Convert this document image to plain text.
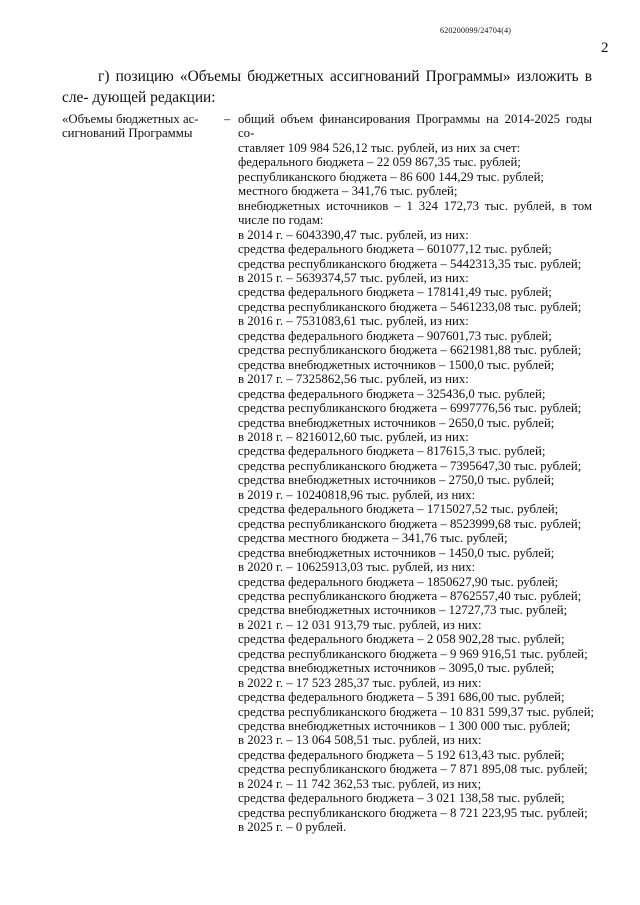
620200099/24704(4)
2
г) позицию «Объемы бюджетных ассигнований Программы» изложить в сле- дующей редакции:
«Объемы бюджетных ас-
сигнований Программы
– общий объем финансирования Программы на 2014-2025 годы со-
ставляет 109 984 526,12 тыс. рублей, из них за счет:
федерального бюджета – 22 059 867,35 тыс. рублей;
республиканского бюджета – 86 600 144,29 тыс. рублей;
местного бюджета – 341,76 тыс. рублей;
внебюджетных источников – 1 324 172,73 тыс. рублей, в том
числе по годам:
в 2014 г. – 6043390,47 тыс. рублей, из них:
средства федерального бюджета – 601077,12 тыс. рублей;
средства республиканского бюджета – 5442313,35 тыс. рублей;
в 2015 г. – 5639374,57 тыс. рублей, из них:
средства федерального бюджета – 178141,49 тыс. рублей;
средства республиканского бюджета – 5461233,08 тыс. рублей;
в 2016 г. – 7531083,61 тыс. рублей, из них:
средства федерального бюджета – 907601,73 тыс. рублей;
средства республиканского бюджета – 6621981,88 тыс. рублей;
средства внебюджетных источников – 1500,0 тыс. рублей;
в 2017 г. – 7325862,56 тыс. рублей, из них:
средства федерального бюджета – 325436,0 тыс. рублей;
средства республиканского бюджета – 6997776,56 тыс. рублей;
средства внебюджетных источников – 2650,0 тыс. рублей;
в 2018 г. – 8216012,60 тыс. рублей, из них:
средства федерального бюджета – 817615,3 тыс. рублей;
средства республиканского бюджета – 7395647,30 тыс. рублей;
средства внебюджетных источников – 2750,0 тыс. рублей;
в 2019 г. – 10240818,96 тыс. рублей, из них:
средства федерального бюджета – 1715027,52 тыс. рублей;
средства республиканского бюджета – 8523999,68 тыс. рублей;
средства местного бюджета – 341,76 тыс. рублей;
средства внебюджетных источников – 1450,0 тыс. рублей;
в 2020 г. – 10625913,03 тыс. рублей, из них:
средства федерального бюджета – 1850627,90 тыс. рублей;
средства республиканского бюджета – 8762557,40 тыс. рублей;
средства внебюджетных источников – 12727,73 тыс. рублей;
в 2021 г. – 12 031 913,79 тыс. рублей, из них:
средства федерального бюджета – 2 058 902,28 тыс. рублей;
средства республиканского бюджета – 9 969 916,51 тыс. рублей;
средства внебюджетных источников – 3095,0 тыс. рублей;
в 2022 г. – 17 523 285,37 тыс. рублей, из них:
средства федерального бюджета – 5 391 686,00 тыс. рублей;
средства республиканского бюджета – 10 831 599,37 тыс. рублей;
средства внебюджетных источников – 1 300 000 тыс. рублей;
в 2023 г. – 13 064 508,51 тыс. рублей, из них:
средства федерального бюджета – 5 192 613,43 тыс. рублей;
средства республиканского бюджета – 7 871 895,08 тыс. рублей;
в 2024 г. – 11 742 362,53 тыс. рублей, из них;
средства федерального бюджета – 3 021 138,58 тыс. рублей;
средства республиканского бюджета – 8 721 223,95 тыс. рублей;
в 2025 г. – 0 рублей.
